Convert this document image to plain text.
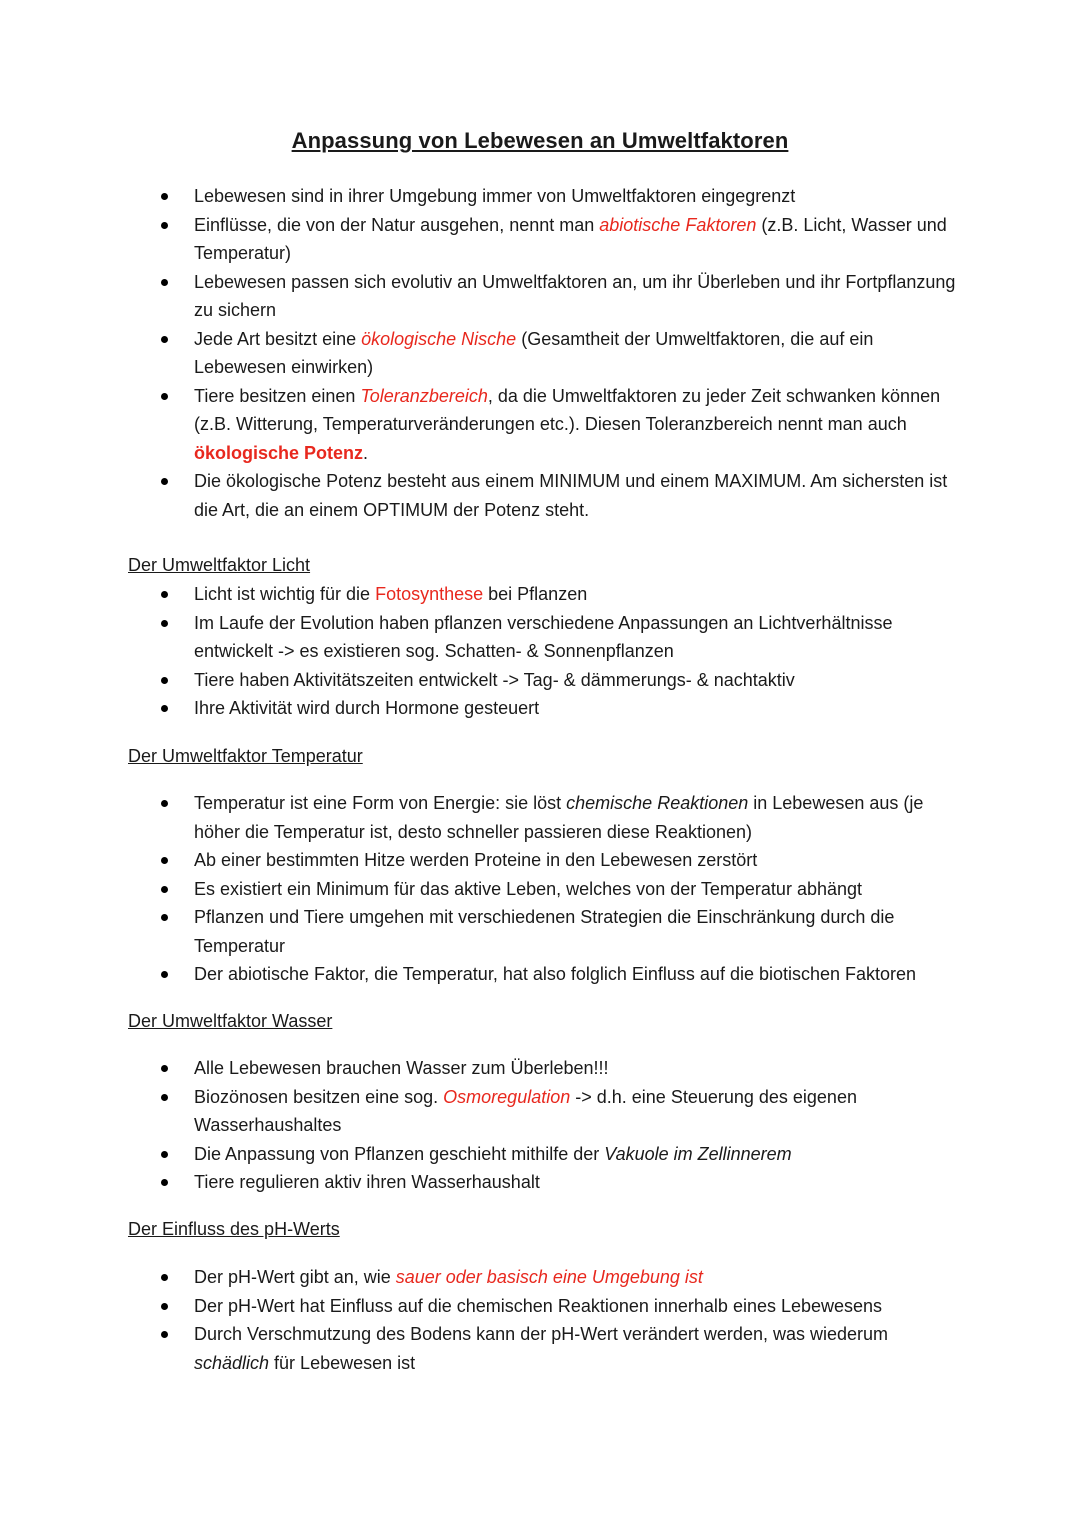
Anpassung von Lebewesen an Umweltfaktoren
Lebewesen sind in ihrer Umgebung immer von Umweltfaktoren eingegrenzt
Einflüsse, die von der Natur ausgehen, nennt man abiotische Faktoren (z.B. Licht, Wasser und Temperatur)
Lebewesen passen sich evolutiv an Umweltfaktoren an, um ihr Überleben und ihr Fortpflanzung zu sichern
Jede Art besitzt eine ökologische Nische (Gesamtheit der Umweltfaktoren, die auf ein Lebewesen einwirken)
Tiere besitzen einen Toleranzbereich, da die Umweltfaktoren zu jeder Zeit schwanken können (z.B. Witterung, Temperaturveränderungen etc.). Diesen Toleranzbereich nennt man auch ökologische Potenz.
Die ökologische Potenz besteht aus einem MINIMUM und einem MAXIMUM. Am sichersten ist die Art, die an einem OPTIMUM der Potenz steht.
Der Umweltfaktor Licht
Licht ist wichtig für die Fotosynthese bei Pflanzen
Im Laufe der Evolution haben pflanzen verschiedene Anpassungen an Lichtverhältnisse entwickelt -> es existieren sog. Schatten- & Sonnenpflanzen
Tiere haben Aktivitätszeiten entwickelt -> Tag- & dämmerungs- & nachtaktiv
Ihre Aktivität wird durch Hormone gesteuert
Der Umweltfaktor Temperatur
Temperatur ist eine Form von Energie: sie löst chemische Reaktionen in Lebewesen aus (je höher die Temperatur ist, desto schneller passieren diese Reaktionen)
Ab einer bestimmten Hitze werden Proteine in den Lebewesen zerstört
Es existiert ein Minimum für das aktive Leben, welches von der Temperatur abhängt
Pflanzen und Tiere umgehen mit verschiedenen Strategien die Einschränkung durch die Temperatur
Der abiotische Faktor, die Temperatur, hat also folglich Einfluss auf die biotischen Faktoren
Der Umweltfaktor Wasser
Alle Lebewesen brauchen Wasser zum Überleben!!!
Biozönosen besitzen eine sog. Osmoregulation -> d.h. eine Steuerung des eigenen Wasserhaushaltes
Die Anpassung von Pflanzen geschieht mithilfe der Vakuole im Zellinnerem
Tiere regulieren aktiv ihren Wasserhaushalt
Der Einfluss des pH-Werts
Der pH-Wert gibt an, wie sauer oder basisch eine Umgebung ist
Der pH-Wert hat Einfluss auf die chemischen Reaktionen innerhalb eines Lebewesens
Durch Verschmutzung des Bodens kann der pH-Wert verändert werden, was wiederum schädlich für Lebewesen ist
